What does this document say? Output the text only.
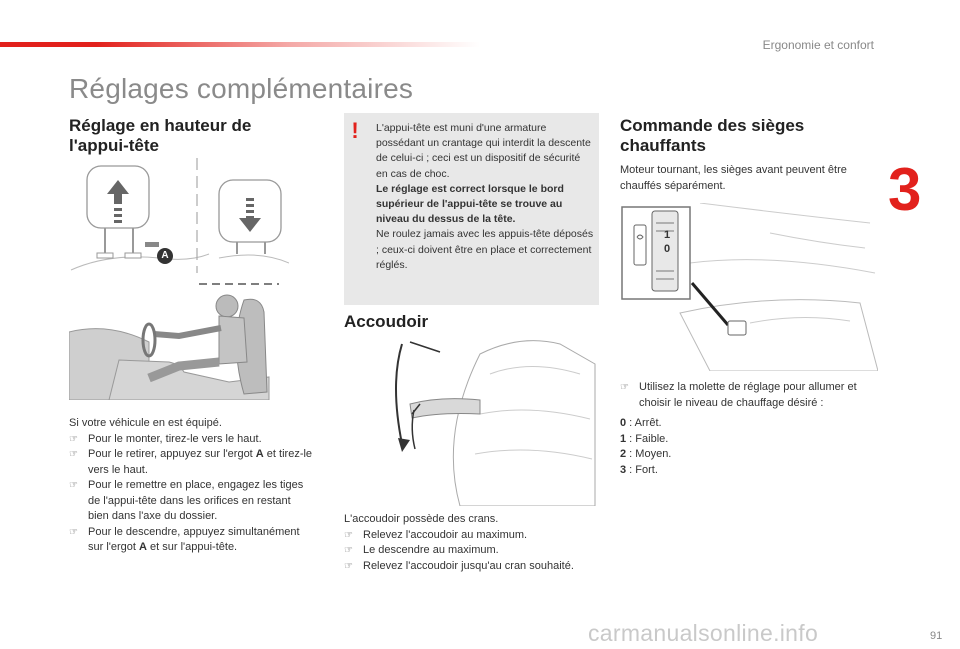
Ergonomie et confort
3
Réglages complémentaires
Réglage en hauteur de l'appui-tête
A
Si votre véhicule en est équipé.
☞ Pour le monter, tirez-le vers le haut.
☞ Pour le retirer, appuyez sur l'ergot A et tirez-le vers le haut.
☞ Pour le remettre en place, engagez les tiges de l'appui-tête dans les orifices en restant bien dans l'axe du dossier.
☞ Pour le descendre, appuyez simultanément sur l'ergot A et sur l'appui-tête.
! L'appui-tête est muni d'une armature possédant un crantage qui interdit la descente de celui-ci ; ceci est un dispositif de sécurité en cas de choc.
Le réglage est correct lorsque le bord supérieur de l'appui-tête se trouve au niveau du dessus de la tête.
Ne roulez jamais avec les appuis-tête déposés ; ceux-ci doivent être en place et correctement réglés.
Accoudoir
L'accoudoir possède des crans.
☞ Relevez l'accoudoir au maximum.
☞ Le descendre au maximum.
☞ Relevez l'accoudoir jusqu'au cran souhaité.
Commande des sièges chauffants
Moteur tournant, les sièges avant peuvent être chauffés séparément.
1
0
☞ Utilisez la molette de réglage pour allumer et choisir le niveau de chauffage désiré :
0 : Arrêt.
1 : Faible.
2 : Moyen.
3 : Fort.
91
carmanualsonline.info
